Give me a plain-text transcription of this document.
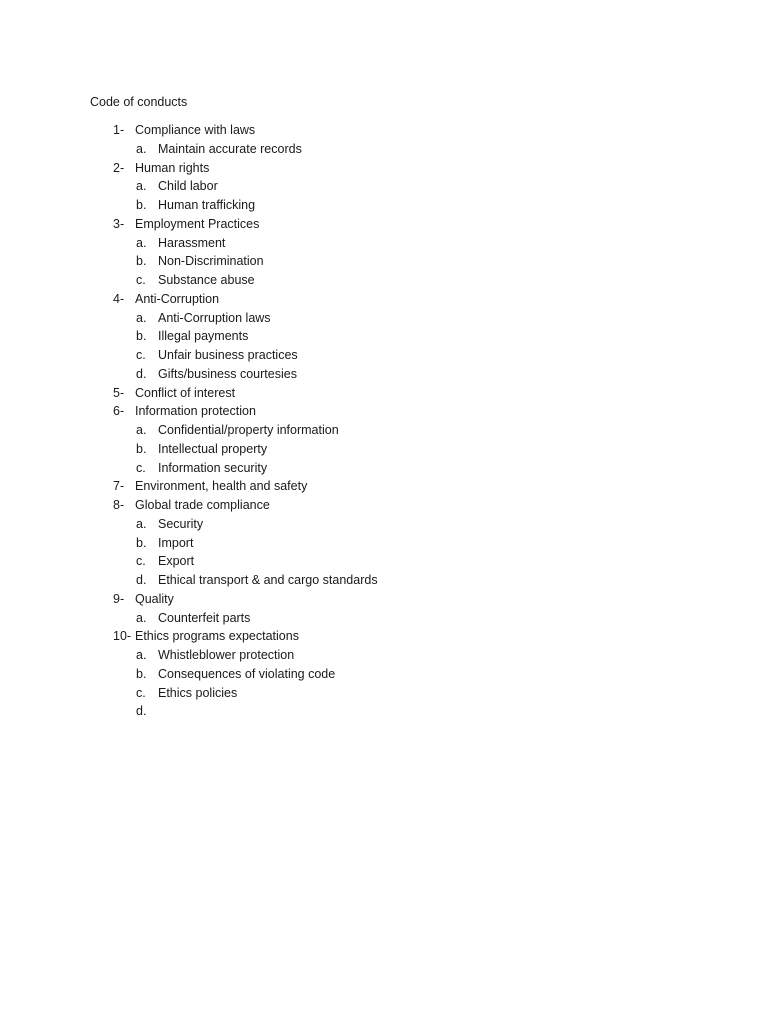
Code of conducts
1- Compliance with laws
a. Maintain accurate records
2- Human rights
a. Child labor
b. Human trafficking
3- Employment Practices
a. Harassment
b. Non-Discrimination
c. Substance abuse
4- Anti-Corruption
a. Anti-Corruption laws
b. Illegal payments
c. Unfair business practices
d. Gifts/business courtesies
5- Conflict of interest
6- Information protection
a. Confidential/property information
b. Intellectual property
c. Information security
7- Environment, health and safety
8- Global trade compliance
a. Security
b. Import
c. Export
d. Ethical transport & and cargo standards
9- Quality
a. Counterfeit parts
10- Ethics programs expectations
a. Whistleblower protection
b. Consequences of violating code
c. Ethics policies
d.
